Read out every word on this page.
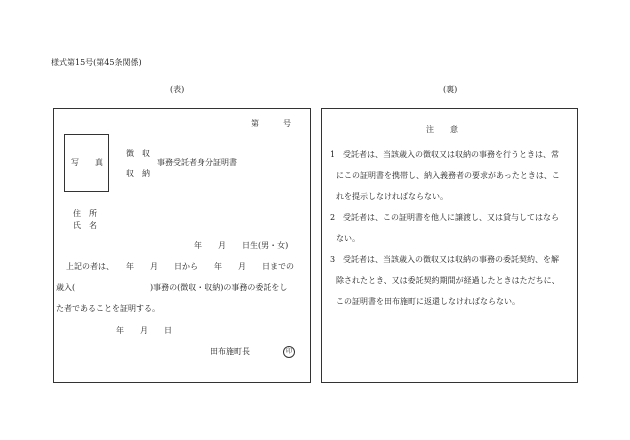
様式第15号(第45条関係)
(表)	(裏)
第　　　号
写　　真
徴　収
収　納
事務受託者身分証明書
住　所
氏　名
年　　月　　日生(男・女)
上記の者は、　　年　　月　　日から　　年　　月　　日までの
歳入(	)事務の(徴収・収納)の事務の委託をし
た者であることを証明する。
年　　月　　日
田布施町長	印
注　　意
1 受託者は、当該歳入の徴収又は収納の事務を行うときは、常
にこの証明書を携帯し、納入義務者の要求があったときは、こ
れを提示しなければならない。
2 受託者は、この証明書を他人に譲渡し、又は貸与してはなら
ない。
3 受託者は、当該歳入の徴収又は収納の事務の委託契約、を解
除されたとき、又は委託契約期間が経過したときはただちに、
この証明書を田布施町に返還しなければならない。
